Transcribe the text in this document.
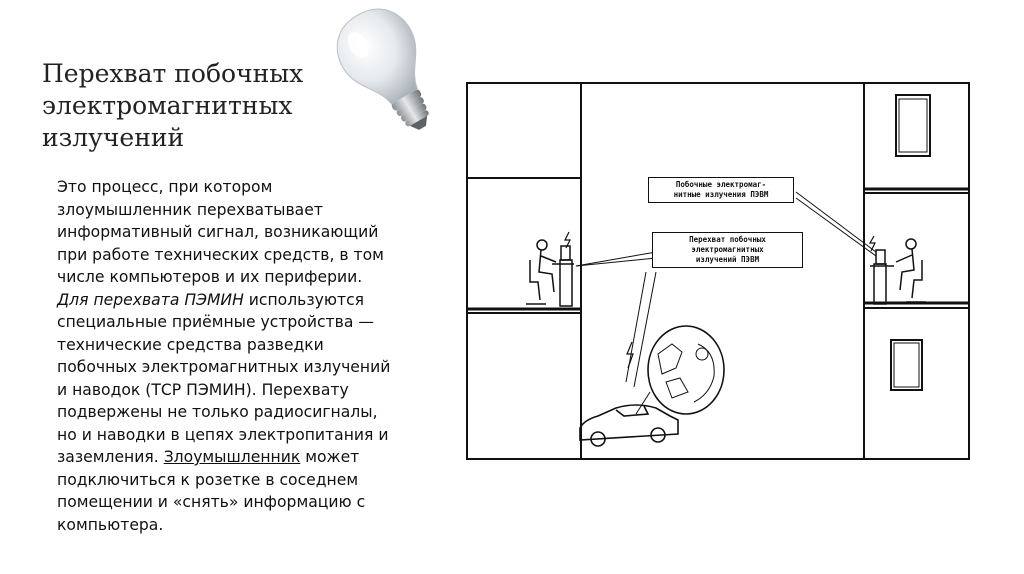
Перехват побочных
электромагнитных
излучений
Это процесс, при котором
злоумышленник перехватывает
информативный сигнал, возникающий
при работе технических средств, в том
числе компьютеров и их периферии.
Для перехвата ПЭМИН используются
специальные приёмные устройства —
технические средства разведки
побочных электромагнитных излучений
и наводок (ТСР ПЭМИН). Перехвату
подвержены не только радиосигналы,
но и наводки в цепях электропитания и
заземления. Злоумышленник может
подключиться к розетке в соседнем
помещении и «снять» информацию с
компьютера.
Побочные электромаг-
нитные излучения ПЭВМ
Перехват побочных
электромагнитных
излучений ПЭВМ
